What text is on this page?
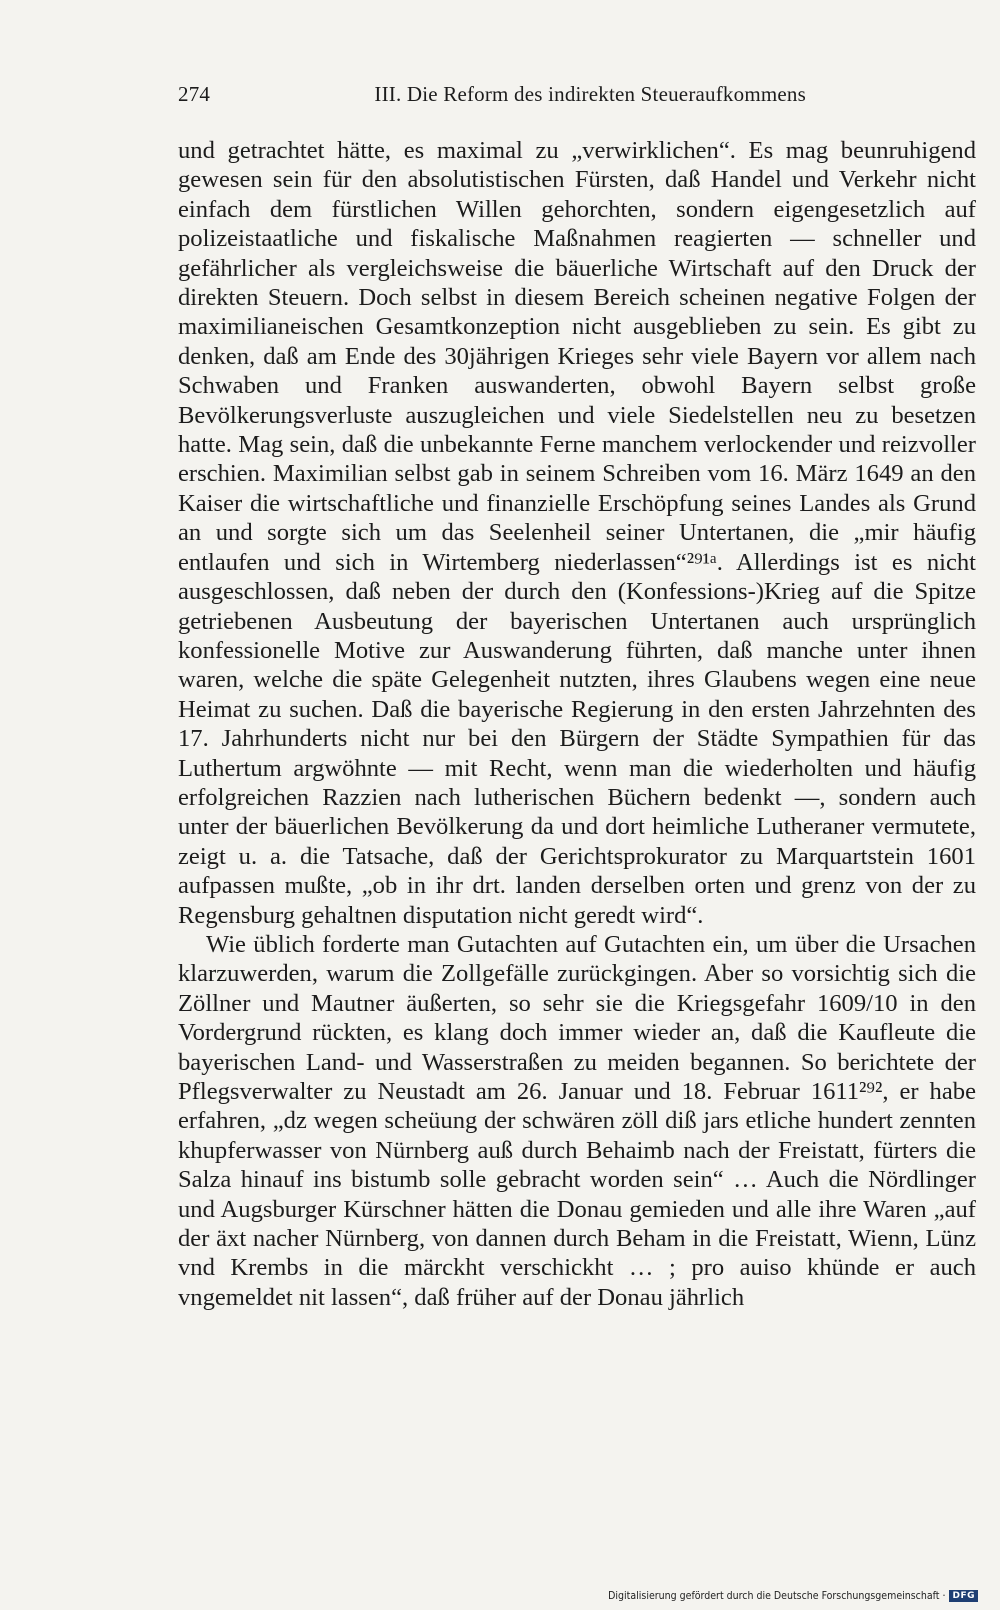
274	III. Die Reform des indirekten Steueraufkommens

und getrachtet hätte, es maximal zu „verwirklichen“. Es mag beunruhigend gewesen sein für den absolutistischen Fürsten, daß Handel und Verkehr nicht einfach dem fürstlichen Willen gehorchten, sondern eigengesetzlich auf polizeistaatliche und fiskalische Maßnahmen reagierten — schneller und gefährlicher als vergleichsweise die bäuerliche Wirtschaft auf den Druck der direkten Steuern. Doch selbst in diesem Bereich scheinen negative Folgen der maximilianeischen Gesamtkonzeption nicht ausgeblieben zu sein. Es gibt zu denken, daß am Ende des 30jährigen Krieges sehr viele Bayern vor allem nach Schwaben und Franken auswanderten, obwohl Bayern selbst große Bevölkerungsverluste auszugleichen und viele Siedelstellen neu zu besetzen hatte. Mag sein, daß die unbekannte Ferne manchem verlockender und reizvoller erschien. Maximilian selbst gab in seinem Schreiben vom 16. März 1649 an den Kaiser die wirtschaftliche und finanzielle Erschöpfung seines Landes als Grund an und sorgte sich um das Seelenheil seiner Untertanen, die „mir häufig entlaufen und sich in Wirtemberg niederlassen“²⁹¹ᵃ. Allerdings ist es nicht ausgeschlossen, daß neben der durch den (Konfessions-)Krieg auf die Spitze getriebenen Ausbeutung der bayerischen Untertanen auch ursprünglich konfessionelle Motive zur Auswanderung führten, daß manche unter ihnen waren, welche die späte Gelegenheit nutzten, ihres Glaubens wegen eine neue Heimat zu suchen. Daß die bayerische Regierung in den ersten Jahrzehnten des 17. Jahrhunderts nicht nur bei den Bürgern der Städte Sympathien für das Luthertum argwöhnte — mit Recht, wenn man die wiederholten und häufig erfolgreichen Razzien nach lutherischen Büchern bedenkt —, sondern auch unter der bäuerlichen Bevölkerung da und dort heimliche Lutheraner vermutete, zeigt u. a. die Tatsache, daß der Gerichtsprokurator zu Marquartstein 1601 aufpassen mußte, „ob in ihr drt. landen derselben orten und grenz von der zu Regensburg gehaltnen disputation nicht geredt wird“.

Wie üblich forderte man Gutachten auf Gutachten ein, um über die Ursachen klarzuwerden, warum die Zollgefälle zurückgingen. Aber so vorsichtig sich die Zöllner und Mautner äußerten, so sehr sie die Kriegsgefahr 1609/10 in den Vordergrund rückten, es klang doch immer wieder an, daß die Kaufleute die bayerischen Land- und Wasserstraßen zu meiden begannen. So berichtete der Pflegsverwalter zu Neustadt am 26. Januar und 18. Februar 1611²⁹², er habe erfahren, „dz wegen scheüung der schwären zöll diß jars etliche hundert zennten khupferwasser von Nürnberg auß durch Behaimb nach der Freistatt, fürters die Salza hinauf ins bistumb solle gebracht worden sein“ … Auch die Nördlinger und Augsburger Kürschner hätten die Donau gemieden und alle ihre Waren „auf der äxt nacher Nürnberg, von dannen durch Beham in die Freistatt, Wienn, Lünz vnd Krembs in die märckht verschickht … ; pro auiso khünde er auch vngemeldet nit lassen“, daß früher auf der Donau jährlich

Digitalisierung gefördert durch die Deutsche Forschungsgemeinschaft · DFG
